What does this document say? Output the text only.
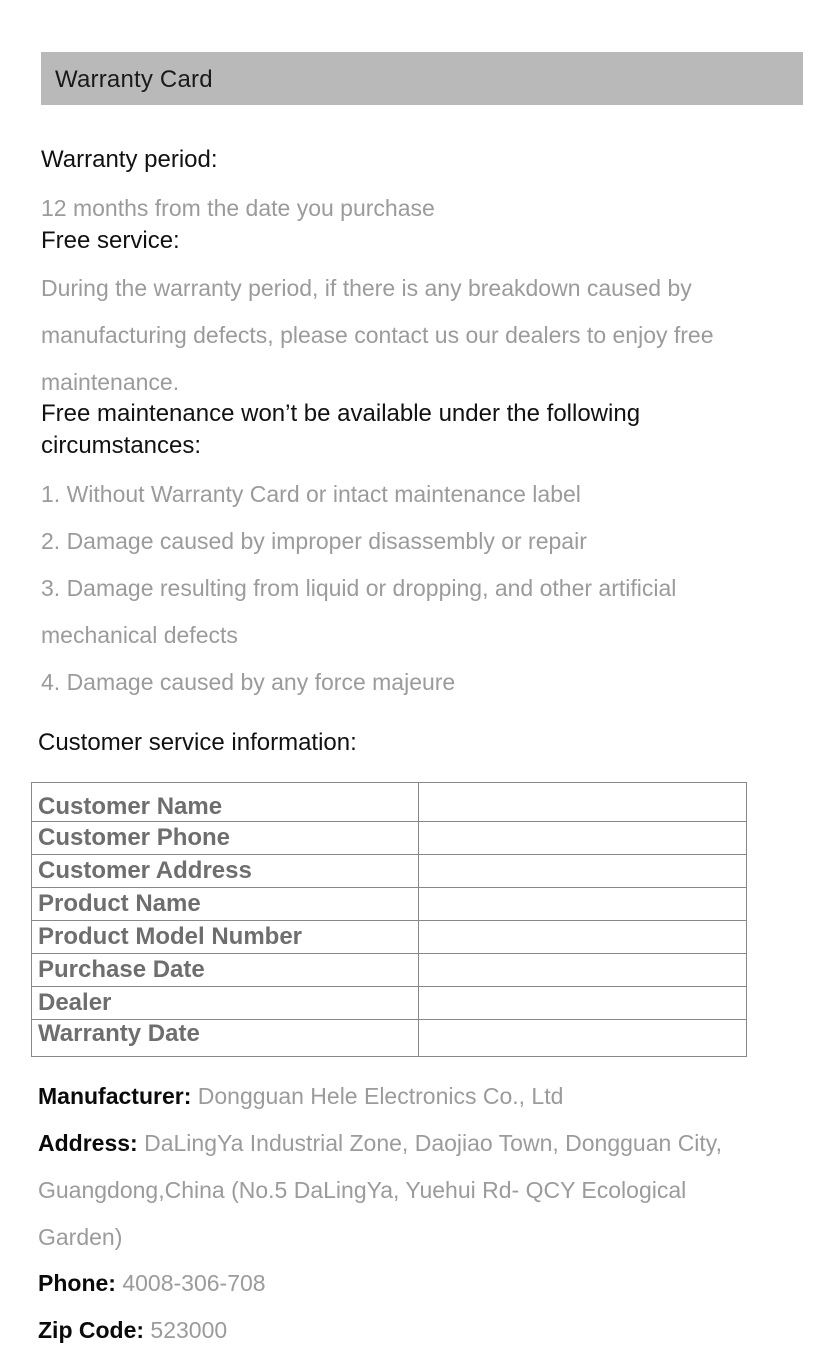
Warranty Card
Warranty period:
12 months from the date you purchase
Free service:
During the warranty period, if there is any breakdown caused by
manufacturing defects, please contact us our dealers to enjoy free
maintenance.
Free maintenance won’t be available under the following circumstances:
1. Without Warranty Card or intact maintenance label
2. Damage caused by improper disassembly or repair
3. Damage resulting from liquid or dropping, and other artificial
mechanical defects
4. Damage caused by any force majeure
Customer service information:
Customer Name	
Customer Phone	
Customer Address	
Product Name	
Product Model Number	
Purchase Date	
Dealer	
Warranty Date	
Manufacturer: Dongguan Hele Electronics Co., Ltd
Address: DaLingYa Industrial Zone, Daojiao Town, Dongguan City,
Guangdong,China (No.5 DaLingYa, Yuehui Rd- QCY Ecological
Garden)
Phone: 4008-306-708
Zip Code: 523000
